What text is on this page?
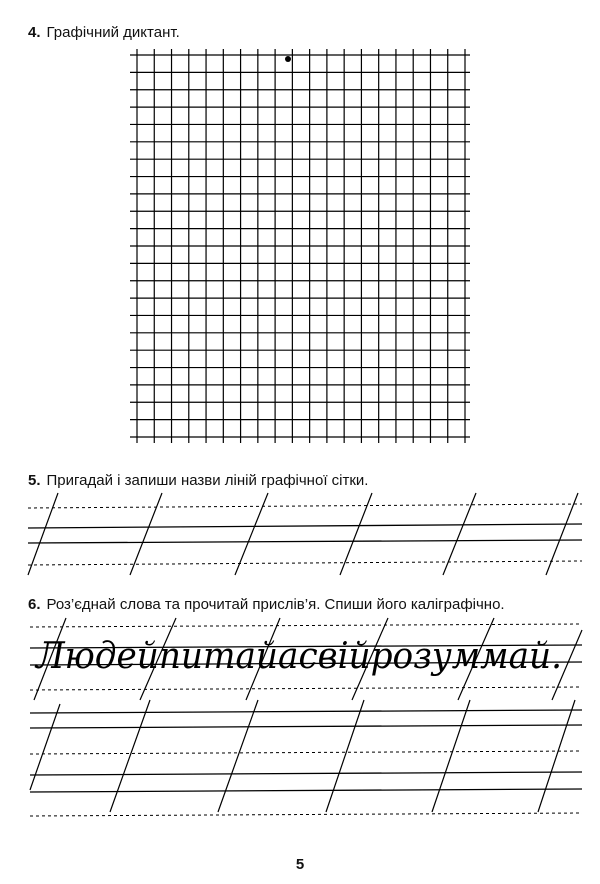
4. Графічний диктант.
5. Пригадай і запиши назви ліній графічної сітки.
6. Роз’єднай слова та прочитай прислів’я. Спиши його каліграфічно.
Людейпитайасвійрозуммай.
5
